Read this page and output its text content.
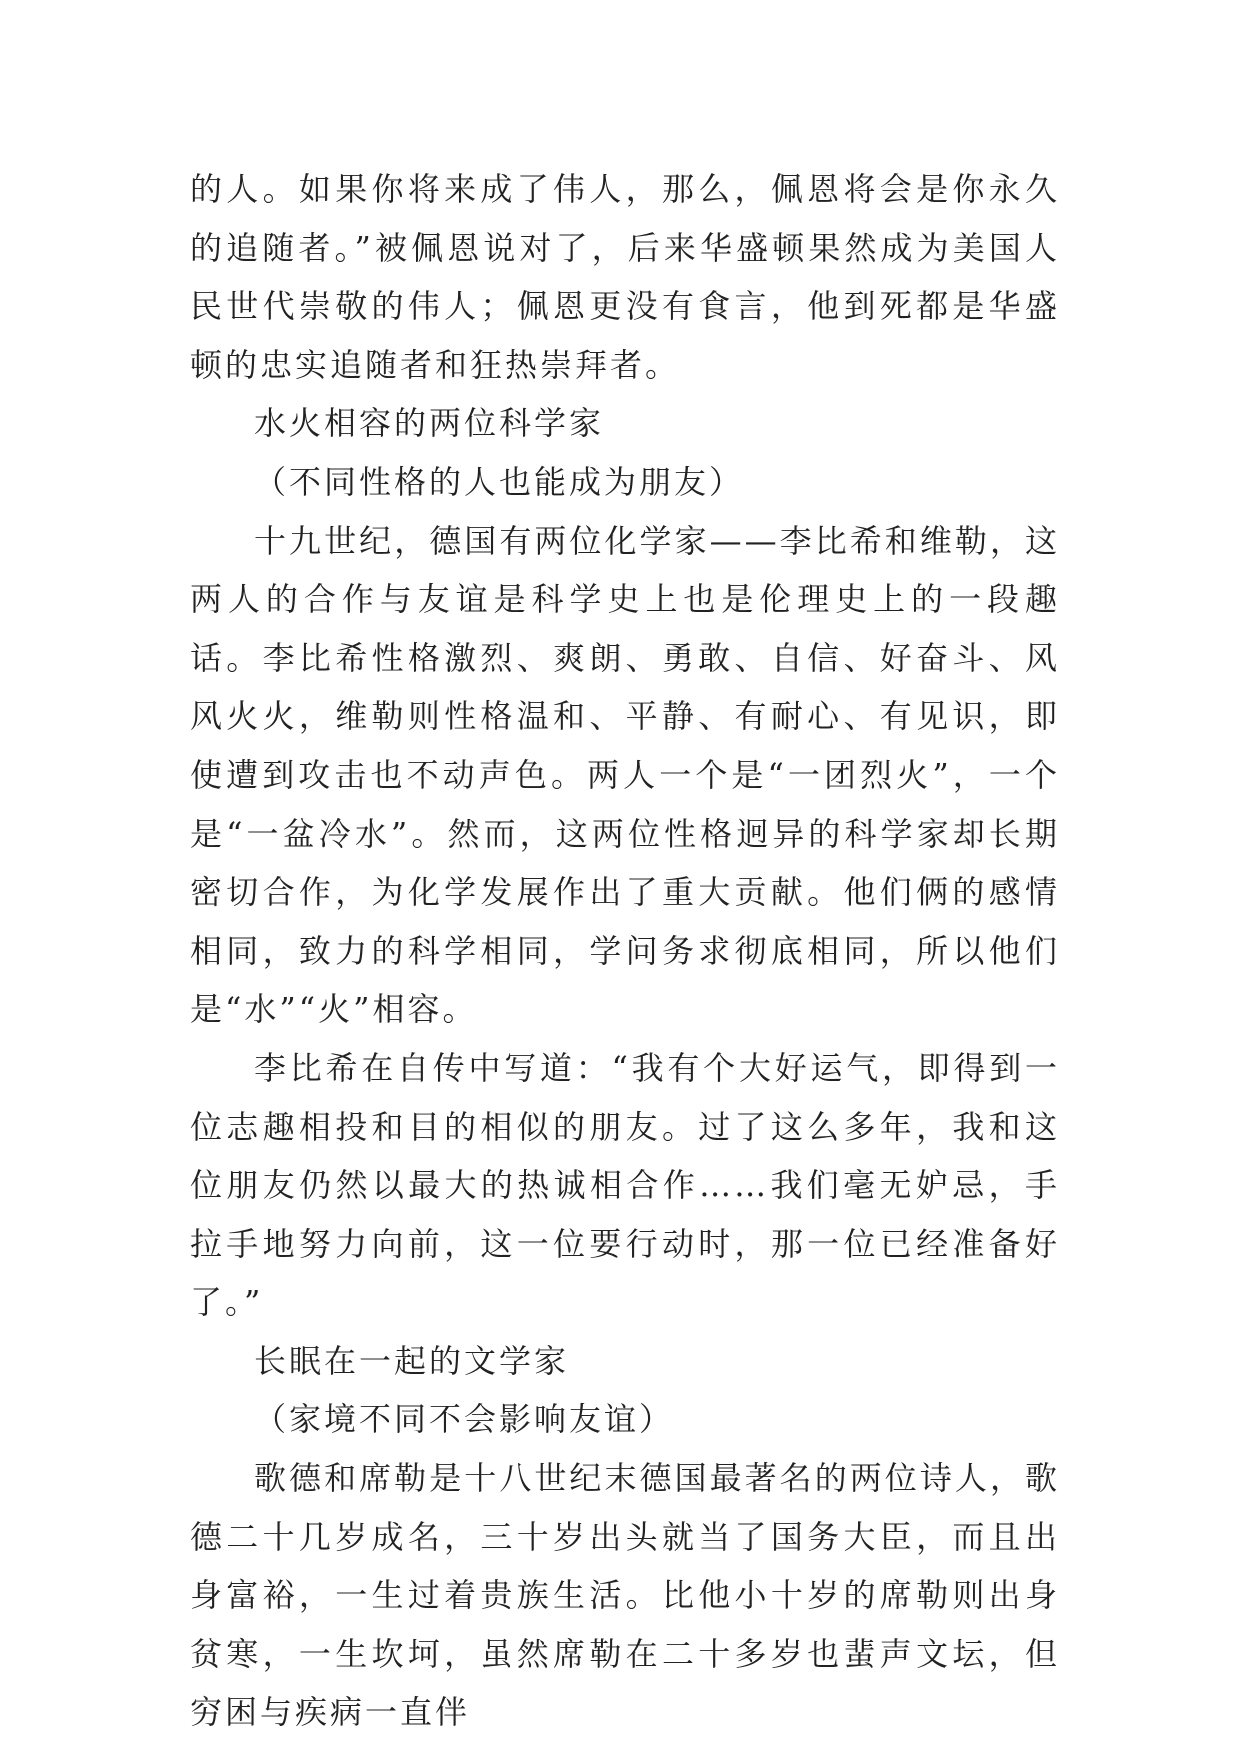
的人。如果你将来成了伟人，那么，佩恩将会是你永久的追随者。”被佩恩说对了，后来华盛顿果然成为美国人民世代崇敬的伟人；佩恩更没有食言，他到死都是华盛顿的忠实追随者和狂热崇拜者。

水火相容的两位科学家

（不同性格的人也能成为朋友）

十九世纪，德国有两位化学家——李比希和维勒，这两人的合作与友谊是科学史上也是伦理史上的一段趣话。李比希性格激烈、爽朗、勇敢、自信、好奋斗、风风火火，维勒则性格温和、平静、有耐心、有见识，即使遭到攻击也不动声色。两人一个是“一团烈火”，一个是“一盆冷水”。然而，这两位性格迥异的科学家却长期密切合作，为化学发展作出了重大贡献。他们俩的感情相同，致力的科学相同，学问务求彻底相同，所以他们是“水”“火”相容。

李比希在自传中写道：“我有个大好运气，即得到一位志趣相投和目的相似的朋友。过了这么多年，我和这位朋友仍然以最大的热诚相合作……我们毫无妒忌，手拉手地努力向前，这一位要行动时，那一位已经准备好了。”

长眠在一起的文学家

（家境不同不会影响友谊）

歌德和席勒是十八世纪末德国最著名的两位诗人，歌德二十几岁成名，三十岁出头就当了国务大臣，而且出身富裕，一生过着贵族生活。比他小十岁的席勒则出身贫寒，一生坎坷，虽然席勒在二十多岁也蜚声文坛，但穷困与疾病一直伴
